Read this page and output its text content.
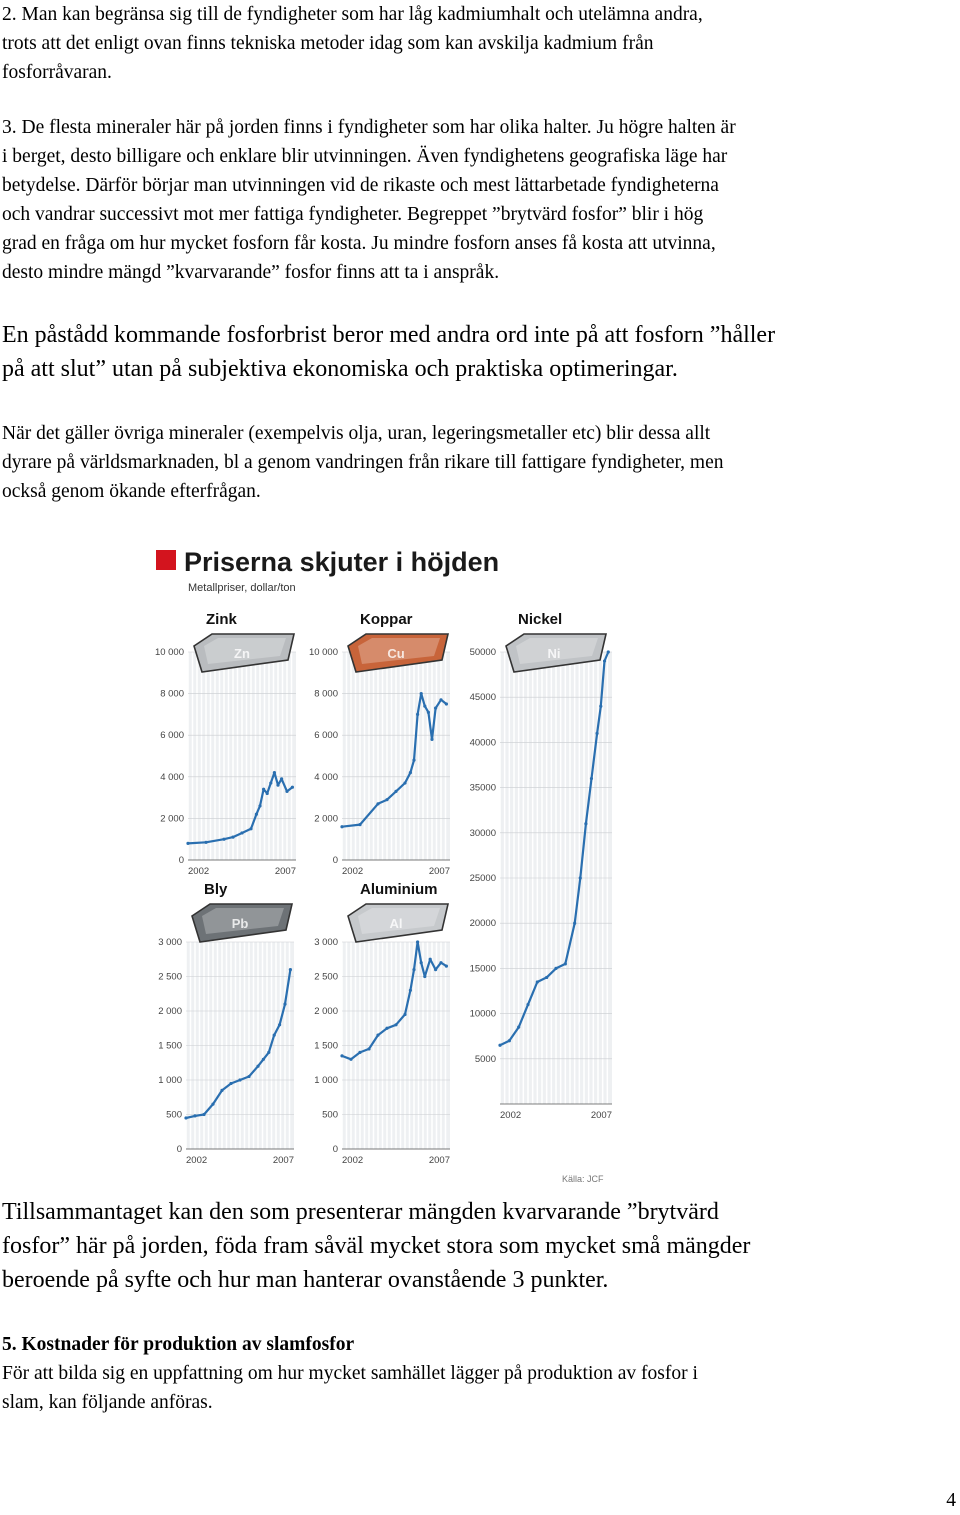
2. Man kan begränsa sig till de fyndigheter som har låg kadmiumhalt och utelämna andra,
trots att det enligt ovan finns tekniska metoder idag som kan avskilja kadmium från
fosforråvaran.

3. De flesta mineraler här på jorden finns i fyndigheter som har olika halter. Ju högre halten är
i berget, desto billigare och enklare blir utvinningen. Även fyndighetens geografiska läge har
betydelse. Därför börjar man utvinningen vid de rikaste och mest lättarbetade fyndigheterna
och vandrar successivt mot mer fattiga fyndigheter. Begreppet ”brytvärd fosfor” blir i hög
grad en fråga om hur mycket fosforn får kosta. Ju mindre fosforn anses få kosta att utvinna,
desto mindre mängd ”kvarvarande” fosfor finns att ta i anspråk.

En påstådd kommande fosforbrist beror med andra ord inte på att fosforn ”håller
på att slut” utan på subjektiva ekonomiska och praktiska optimeringar.

När det gäller övriga mineraler (exempelvis olja, uran, legeringsmetaller etc) blir dessa allt
dyrare på världsmarknaden, bl a genom vandringen från rikare till fattigare fyndigheter, men
också genom ökande efterfrågan.

Priserna skjuter i höjden
Metallpriser, dollar/ton
0
2 000
4 000
6 000
8 000
10 000
2002	2007
Zink
Zn
0
2 000
4 000
6 000
8 000
10 000
2002	2007
Koppar
Cu
5000
10000
15000
20000
25000
30000
35000
40000
45000
50000
2002	2007
Nickel
Ni
0
500
1 000
1 500
2 000
2 500
3 000
2002	2007
Bly
Pb
0
500
1 000
1 500
2 000
2 500
3 000
2002	2007
Aluminium
Al
Källa: JCF

Tillsammantaget kan den som presenterar mängden kvarvarande ”brytvärd
fosfor” här på jorden, föda fram såväl mycket stora som mycket små mängder
beroende på syfte och hur man hanterar ovanstående 3 punkter.

5. Kostnader för produktion av slamfosfor

För att bilda sig en uppfattning om hur mycket samhället lägger på produktion av fosfor i
slam, kan följande anföras.

4
